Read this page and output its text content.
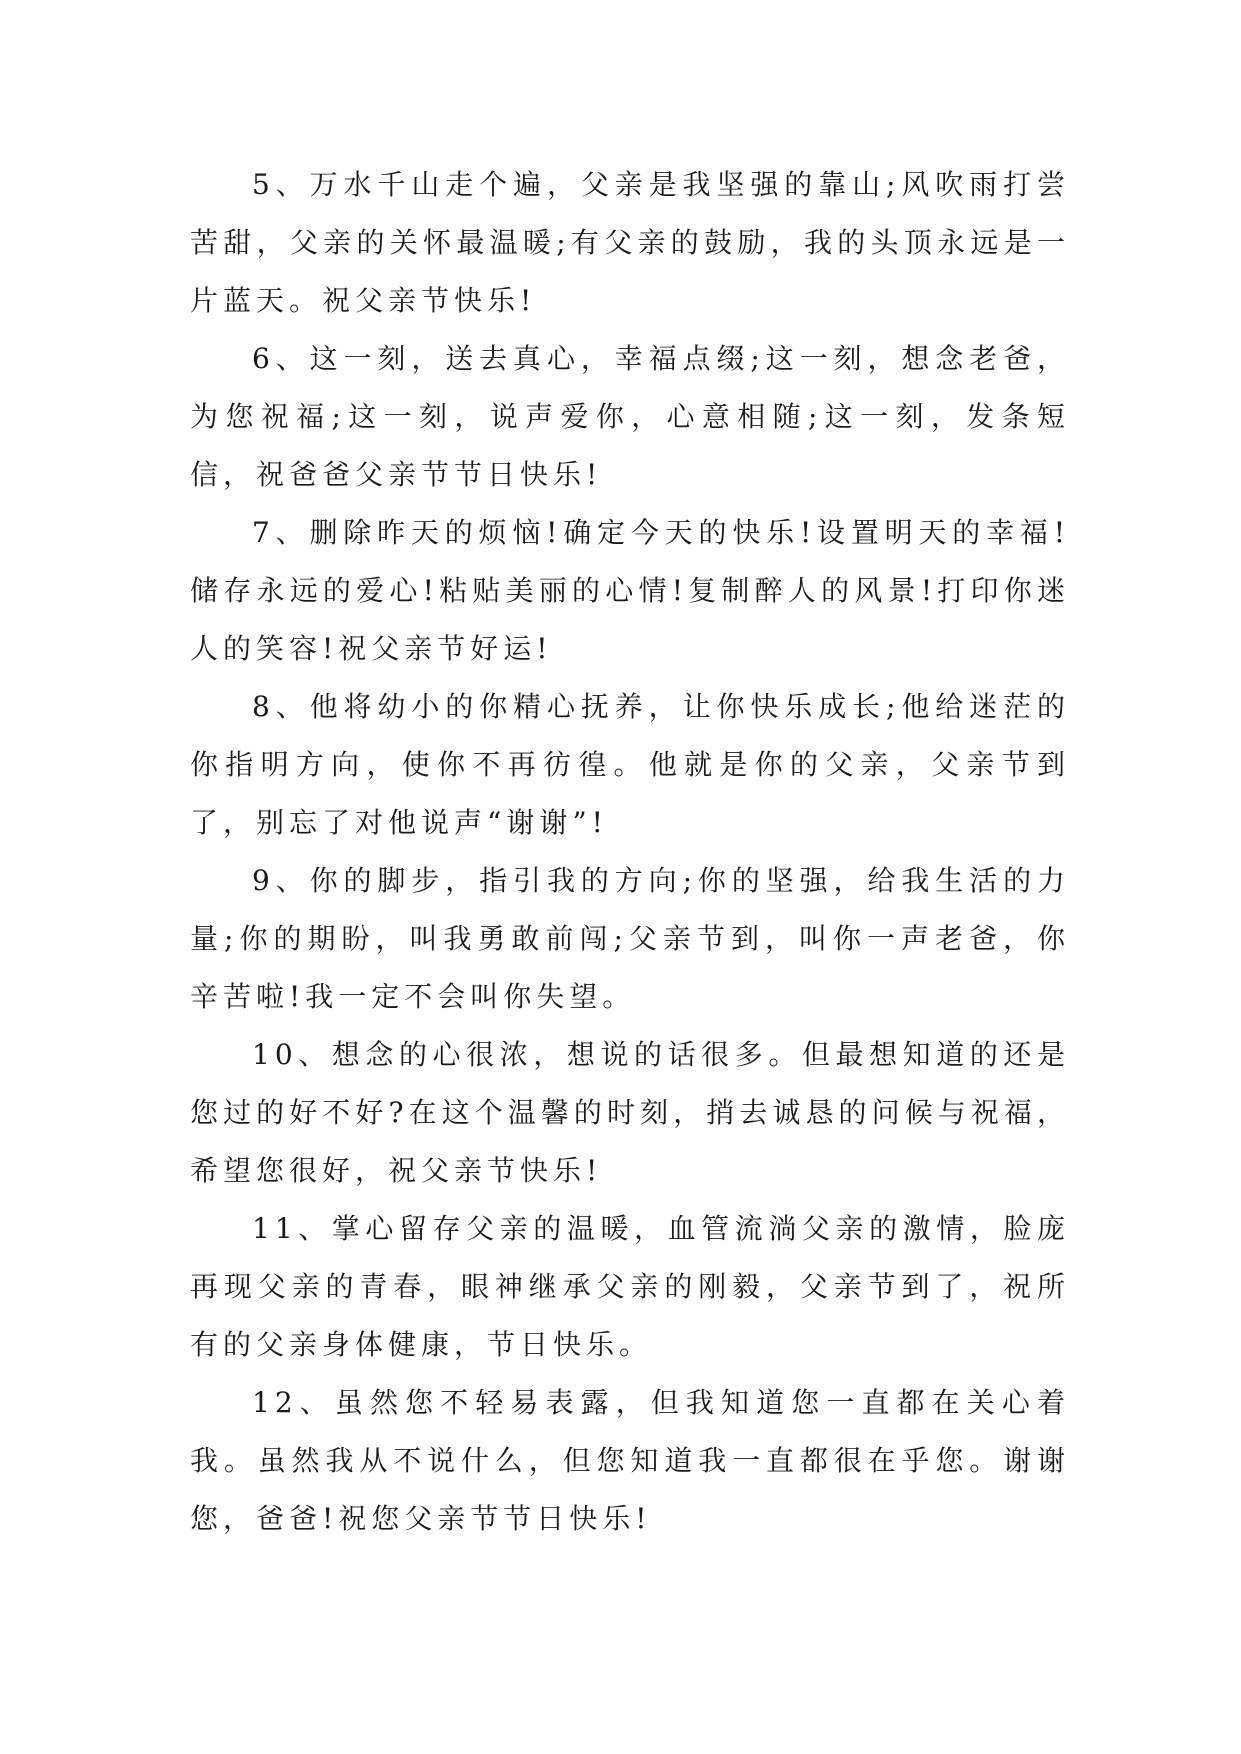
5、万水千山走个遍，父亲是我坚强的靠山;风吹雨打尝苦甜，父亲的关怀最温暖;有父亲的鼓励，我的头顶永远是一片蓝天。祝父亲节快乐!

6、这一刻，送去真心，幸福点缀;这一刻，想念老爸，为您祝福;这一刻，说声爱你，心意相随;这一刻，发条短信，祝爸爸父亲节节日快乐!

7、删除昨天的烦恼!确定今天的快乐!设置明天的幸福!储存永远的爱心!粘贴美丽的心情!复制醉人的风景!打印你迷人的笑容!祝父亲节好运!

8、他将幼小的你精心抚养，让你快乐成长;他给迷茫的你指明方向，使你不再彷徨。他就是你的父亲，父亲节到了，别忘了对他说声“谢谢”!

9、你的脚步，指引我的方向;你的坚强，给我生活的力量;你的期盼，叫我勇敢前闯;父亲节到，叫你一声老爸，你辛苦啦!我一定不会叫你失望。

10、想念的心很浓，想说的话很多。但最想知道的还是您过的好不好?在这个温馨的时刻，捎去诚恳的问候与祝福，希望您很好，祝父亲节快乐!

11、掌心留存父亲的温暖，血管流淌父亲的激情，脸庞再现父亲的青春，眼神继承父亲的刚毅，父亲节到了，祝所有的父亲身体健康，节日快乐。

12、虽然您不轻易表露，但我知道您一直都在关心着我。虽然我从不说什么，但您知道我一直都很在乎您。谢谢您，爸爸!祝您父亲节节日快乐!
